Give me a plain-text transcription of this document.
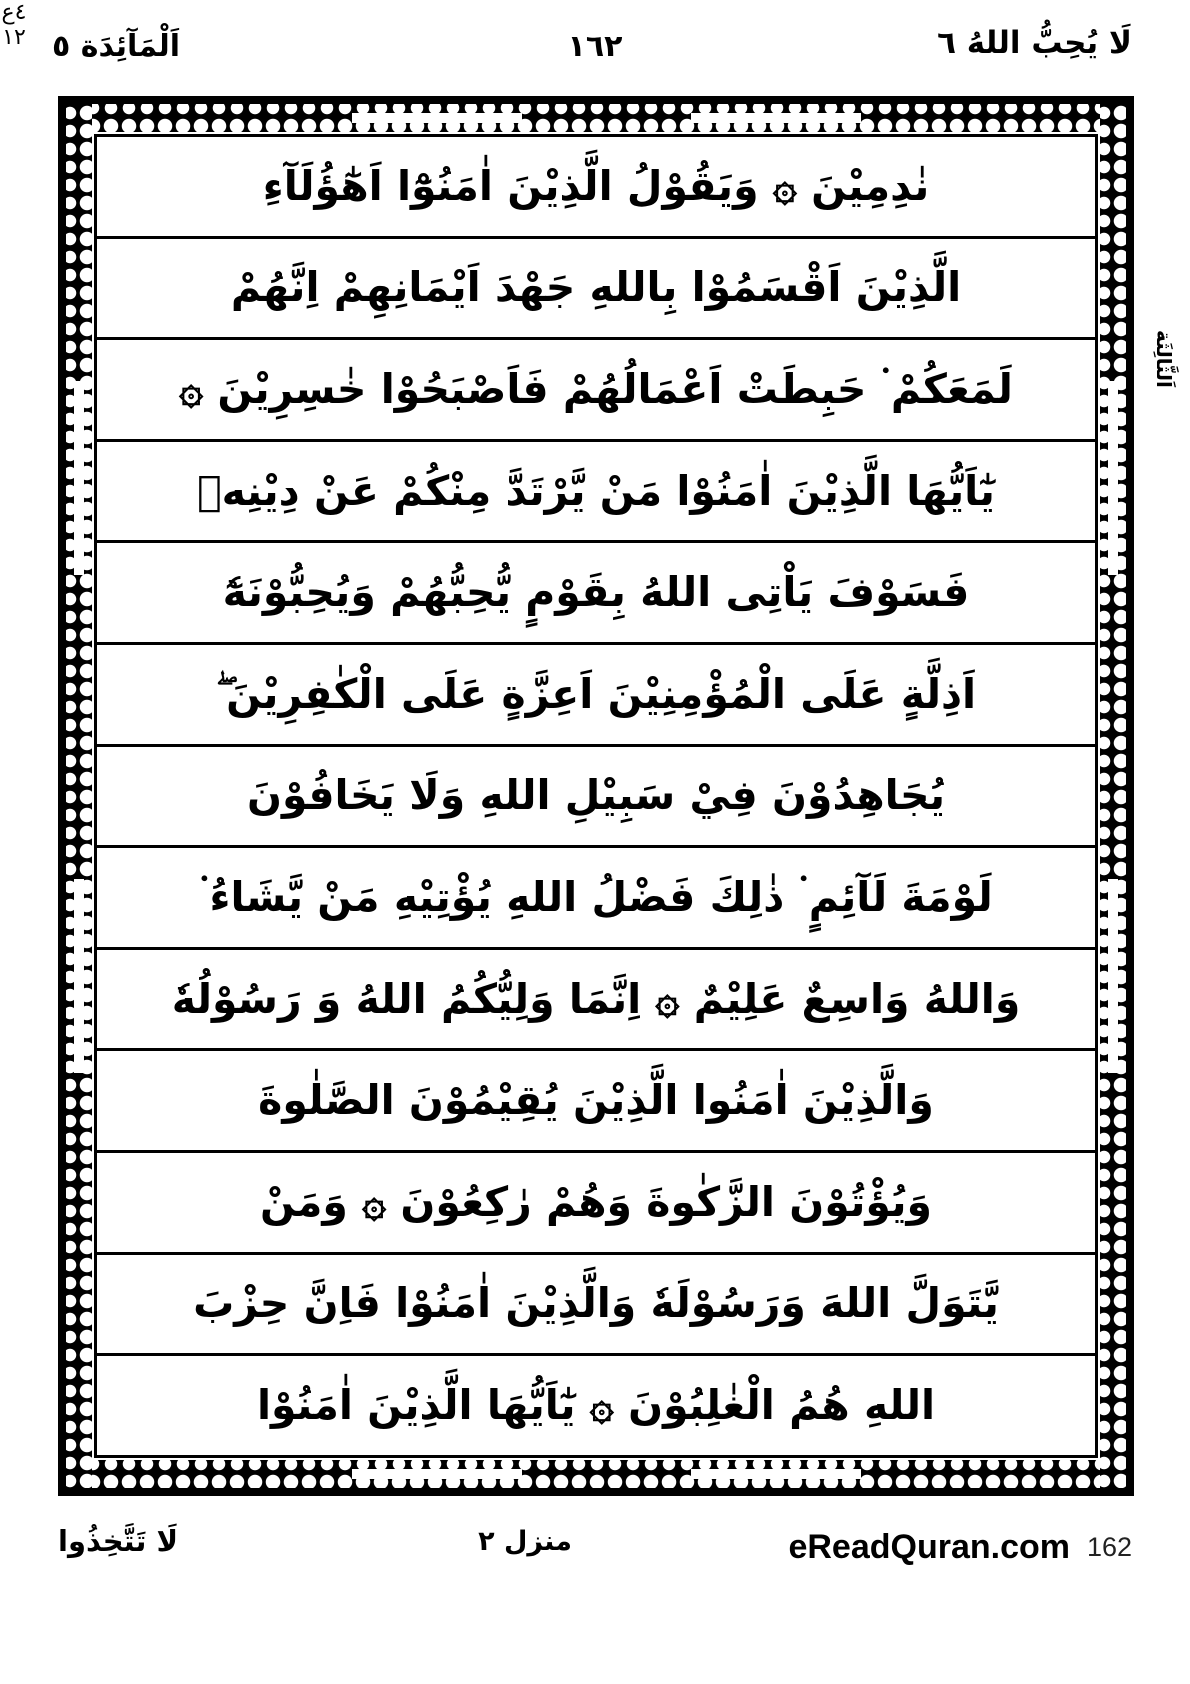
لَا يُحِبُّ اللهُ ٦
١٦٢
اَلْمَآئِدَة ٥
نٰدِمِيْنَ ۞ وَيَقُوْلُ الَّذِيْنَ اٰمَنُوْٓا اَهٰٓؤُلَآءِ
الَّذِيْنَ اَقْسَمُوْا بِاللهِ جَهْدَ اَيْمَانِهِمْ اِنَّهُمْ
لَمَعَكُمْ ۬ حَبِطَتْ اَعْمَالُهُمْ فَاَصْبَحُوْا خٰسِرِيْنَ ۞
يٰٓاَيُّهَا الَّذِيْنَ اٰمَنُوْا مَنْ يَّرْتَدَّ مِنْكُمْ عَنْ دِيْنِهٖ
فَسَوْفَ يَاْتِى اللهُ بِقَوْمٍ يُّحِبُّهُمْ وَيُحِبُّوْنَهٗٓ
اَذِلَّةٍ عَلَى الْمُؤْمِنِيْنَ اَعِزَّةٍ عَلَى الْكٰفِرِيْنَ ۖ
يُجَاهِدُوْنَ فِيْ سَبِيْلِ اللهِ وَلَا يَخَافُوْنَ
لَوْمَةَ لَآئِمٍ ۬ ذٰلِكَ فَضْلُ اللهِ يُؤْتِيْهِ مَنْ يَّشَاءُ ۬
وَاللهُ وَاسِعٌ عَلِيْمٌ ۞ اِنَّمَا وَلِيُّكُمُ اللهُ وَ رَسُوْلُهٗ
وَالَّذِيْنَ اٰمَنُوا الَّذِيْنَ يُقِيْمُوْنَ الصَّلٰوةَ
وَيُؤْتُوْنَ الزَّكٰوةَ وَهُمْ رٰكِعُوْنَ ۞ وَمَنْ
يَّتَوَلَّ اللهَ وَرَسُوْلَهٗ وَالَّذِيْنَ اٰمَنُوْا فَاِنَّ حِزْبَ
اللهِ هُمُ الْغٰلِبُوْنَ ۞ يٰٓاَيُّهَا الَّذِيْنَ اٰمَنُوْا
اَلثَّالِثَة
٤ع
١٢
لَا تَتَّخِذُوا	منزل ٢	eReadQuran.com 162
